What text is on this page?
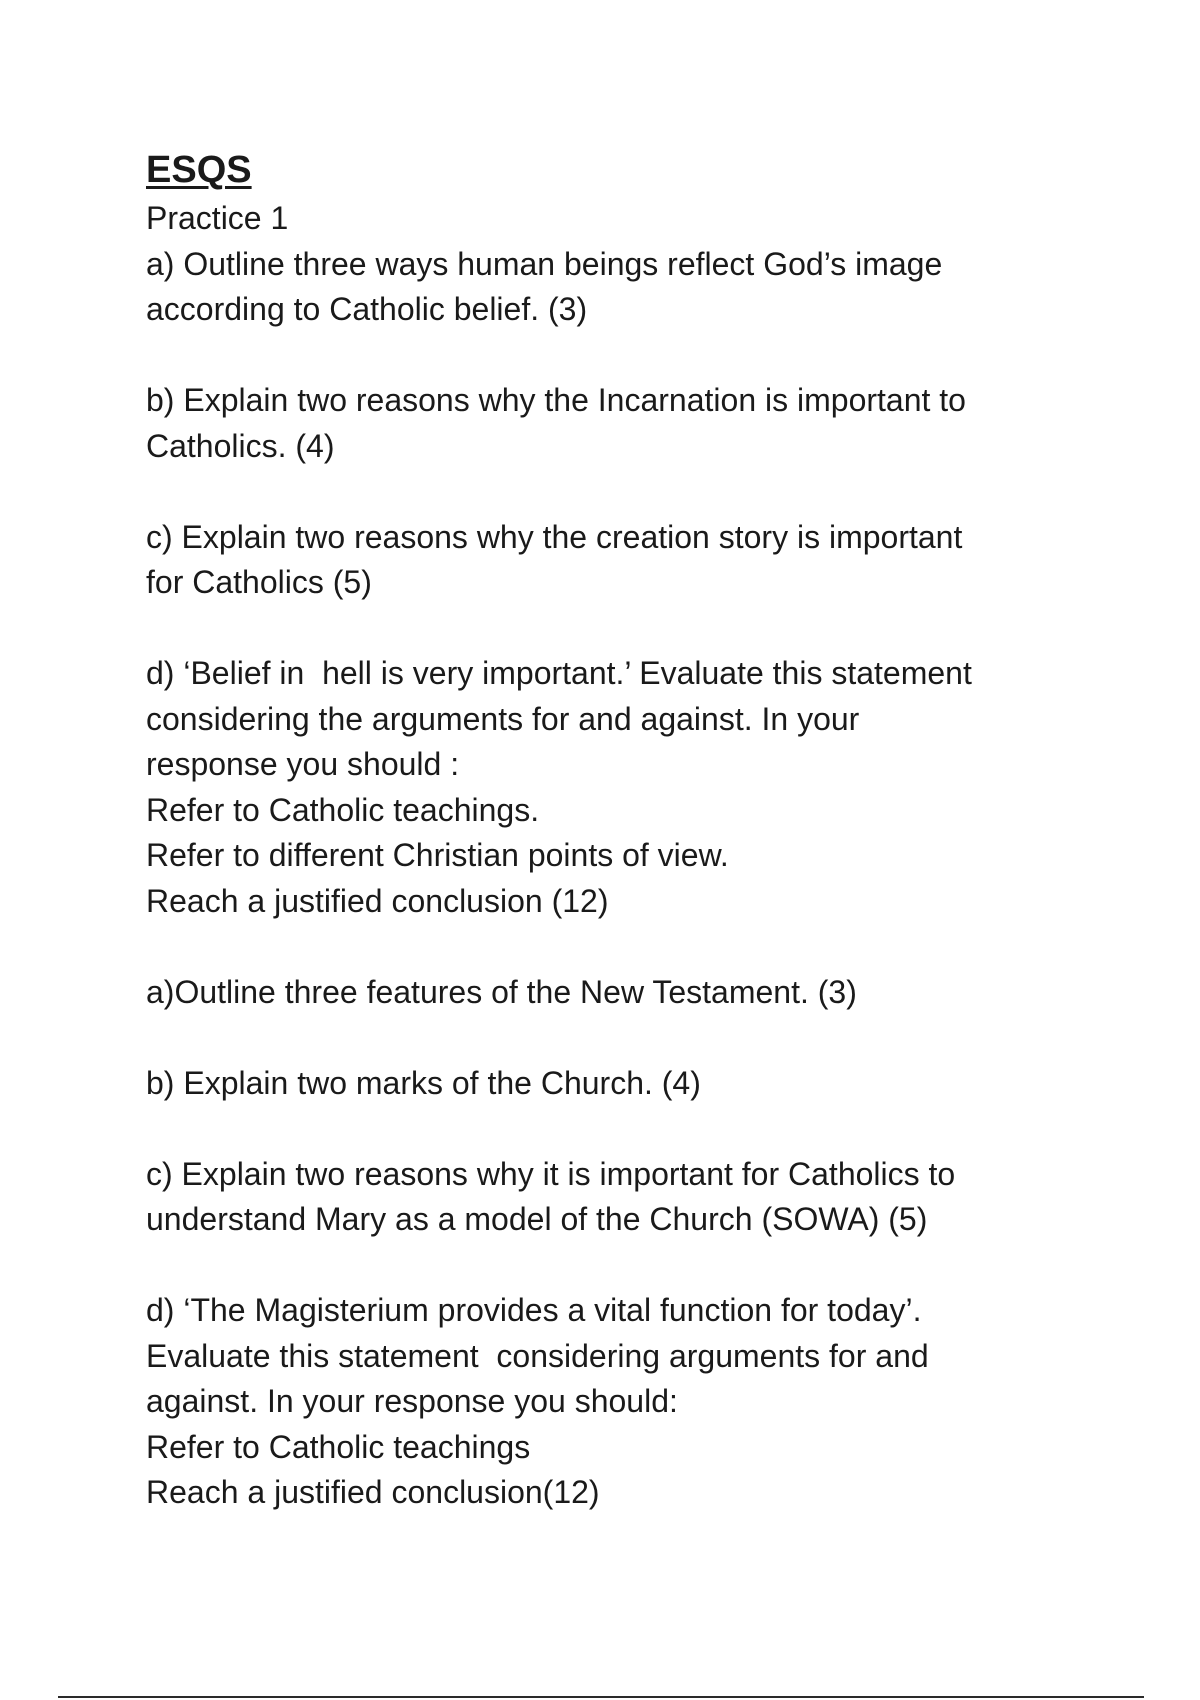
ESQS
Practice 1
a) Outline three ways human beings reflect God’s image
according to Catholic belief. (3)
b) Explain two reasons why the Incarnation is important to
Catholics. (4)
c) Explain two reasons why the creation story is important
for Catholics (5)
d) ‘Belief in  hell is very important.’ Evaluate this statement
considering the arguments for and against. In your
response you should :
Refer to Catholic teachings.
Refer to different Christian points of view.
Reach a justified conclusion (12)
a)Outline three features of the New Testament. (3)
b) Explain two marks of the Church. (4)
c) Explain two reasons why it is important for Catholics to
understand Mary as a model of the Church (SOWA) (5)
d) ‘The Magisterium provides a vital function for today’.
Evaluate this statement  considering arguments for and
against. In your response you should:
Refer to Catholic teachings
Reach a justified conclusion(12)
